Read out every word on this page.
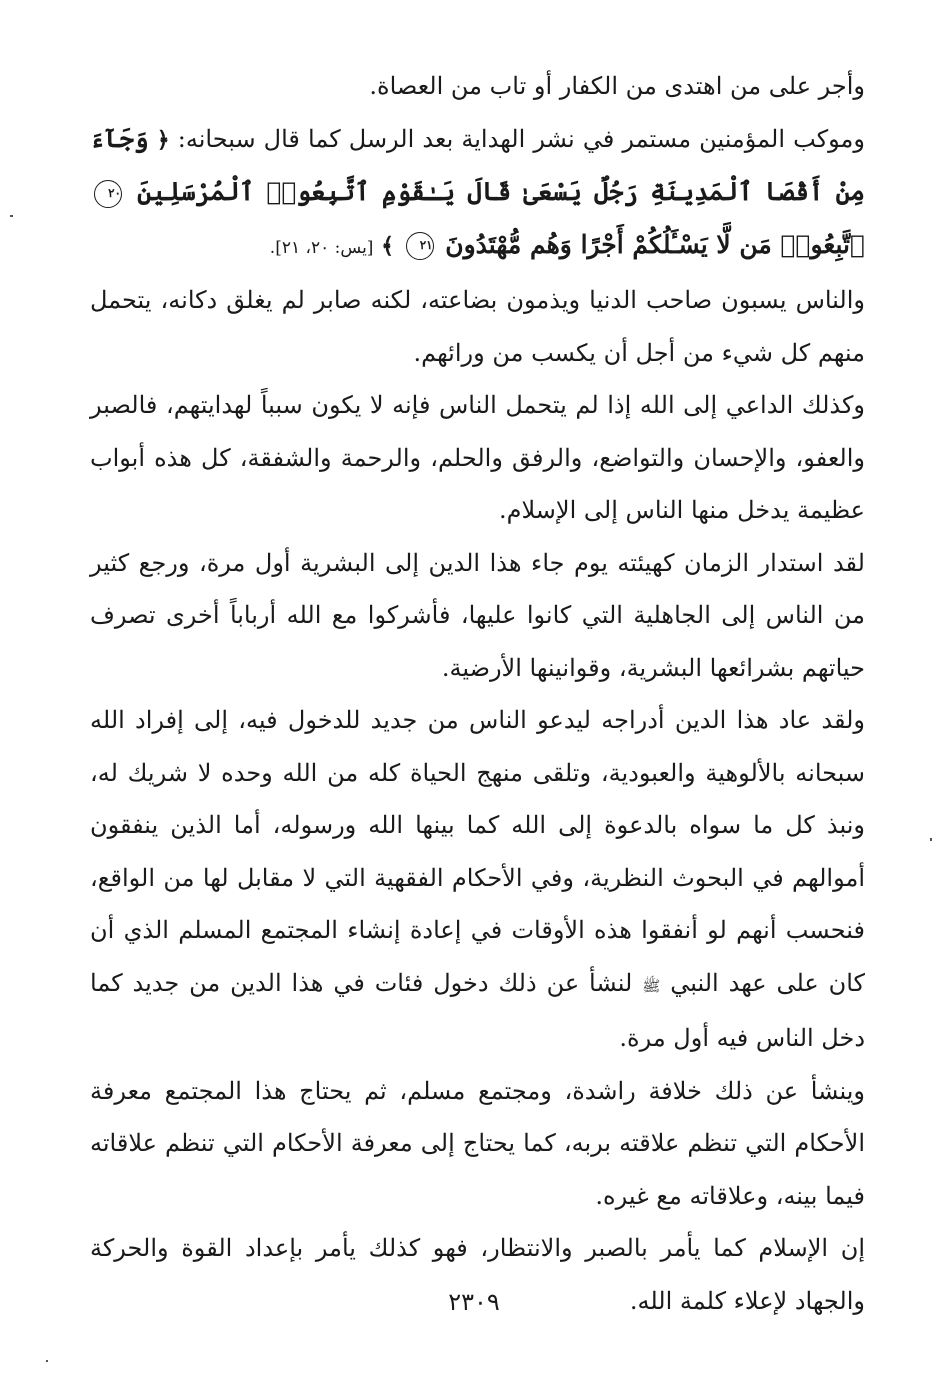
وأجر على من اهتدى من الكفار أو تاب من العصاة.

وموكب المؤمنين مستمر في نشر الهداية بعد الرسل كما قال سبحانه: ﴿ وَجَآءَ مِنْ أَقْصَا ٱلْمَدِينَةِ رَجُلٌ يَسْعَىٰ قَالَ يَـٰقَوْمِ ٱتَّبِعُوا۟ ٱلْمُرْسَلِينَ ٢٠ ٱتَّبِعُوا۟ مَن لَّا يَسْـَٔلُكُمْ أَجْرًا وَهُم مُّهْتَدُونَ ٢١ ﴾ [يس: ٢٠، ٢١].

والناس يسبون صاحب الدنيا ويذمون بضاعته، لكنه صابر لم يغلق دكانه، يتحمل منهم كل شيء من أجل أن يكسب من ورائهم.

وكذلك الداعي إلى الله إذا لم يتحمل الناس فإنه لا يكون سبباً لهدايتهم، فالصبر والعفو، والإحسان والتواضع، والرفق والحلم، والرحمة والشفقة، كل هذه أبواب عظيمة يدخل منها الناس إلى الإسلام.

لقد استدار الزمان كهيئته يوم جاء هذا الدين إلى البشرية أول مرة، ورجع كثير من الناس إلى الجاهلية التي كانوا عليها، فأشركوا مع الله أرباباً أخرى تصرف حياتهم بشرائعها البشرية، وقوانينها الأرضية.

ولقد عاد هذا الدين أدراجه ليدعو الناس من جديد للدخول فيه، إلى إفراد الله سبحانه بالألوهية والعبودية، وتلقى منهج الحياة كله من الله وحده لا شريك له، ونبذ كل ما سواه بالدعوة إلى الله كما بينها الله ورسوله، أما الذين ينفقون أموالهم في البحوث النظرية، وفي الأحكام الفقهية التي لا مقابل لها من الواقع، فنحسب أنهم لو أنفقوا هذه الأوقات في إعادة إنشاء المجتمع المسلم الذي أن كان على عهد النبي ﷺ لنشأ عن ذلك دخول فئات في هذا الدين من جديد كما دخل الناس فيه أول مرة.

وينشأ عن ذلك خلافة راشدة، ومجتمع مسلم، ثم يحتاج هذا المجتمع معرفة الأحكام التي تنظم علاقته بربه، كما يحتاج إلى معرفة الأحكام التي تنظم علاقاته فيما بينه، وعلاقاته مع غيره.

إن الإسلام كما يأمر بالصبر والانتظار، فهو كذلك يأمر بإعداد القوة والحركة والجهاد لإعلاء كلمة الله.

٢٣٠٩
